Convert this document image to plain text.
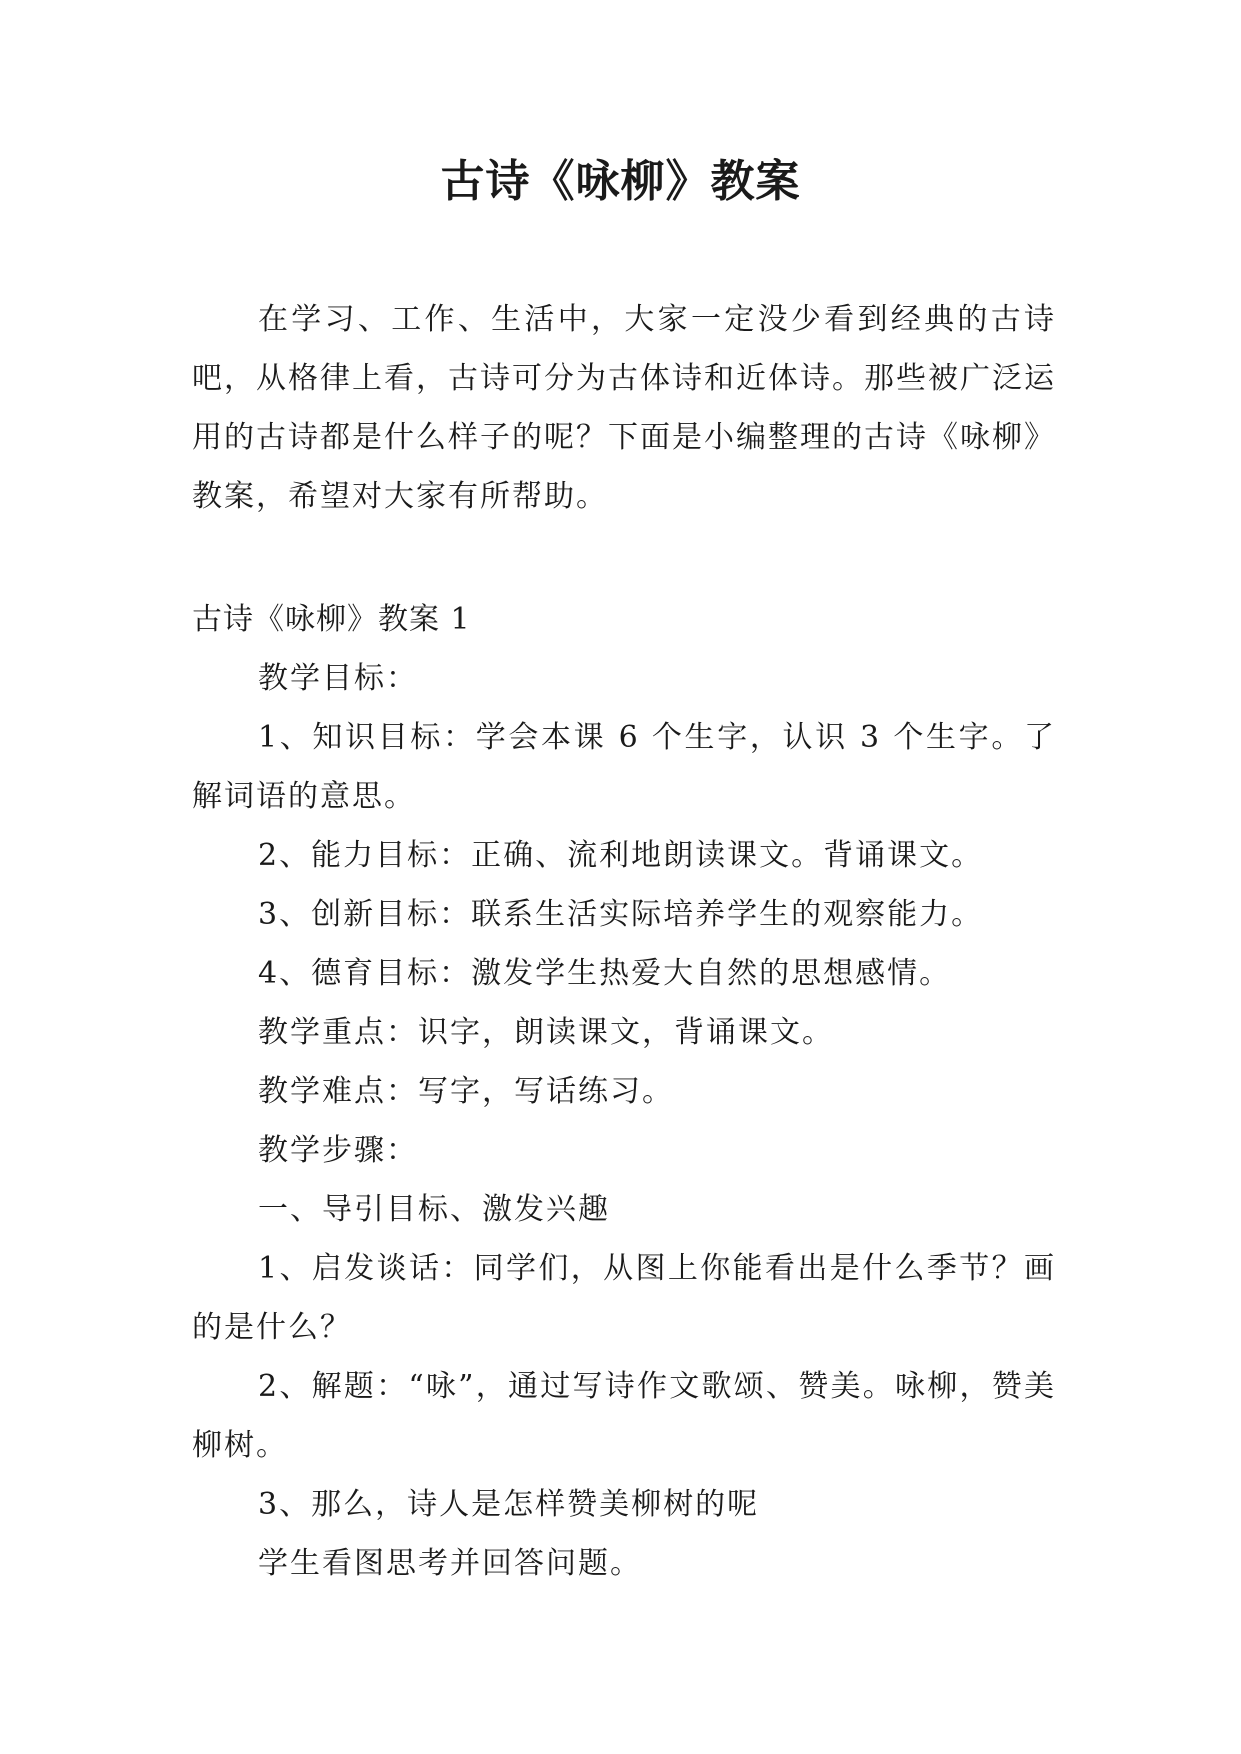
古诗《咏柳》教案

在学习、工作、生活中，大家一定没少看到经典的古诗吧，从格律上看，古诗可分为古体诗和近体诗。那些被广泛运用的古诗都是什么样子的呢？下面是小编整理的古诗《咏柳》教案，希望对大家有所帮助。

古诗《咏柳》教案 1

教学目标：

1、知识目标：学会本课 6 个生字，认识 3 个生字。了解词语的意思。

2、能力目标：正确、流利地朗读课文。背诵课文。

3、创新目标：联系生活实际培养学生的观察能力。

4、德育目标：激发学生热爱大自然的思想感情。

教学重点：识字，朗读课文，背诵课文。

教学难点：写字，写话练习。

教学步骤：

一、导引目标、激发兴趣

1、启发谈话：同学们，从图上你能看出是什么季节？画的是什么？

2、解题：“咏”，通过写诗作文歌颂、赞美。咏柳，赞美柳树。

3、那么，诗人是怎样赞美柳树的呢

学生看图思考并回答问题。
